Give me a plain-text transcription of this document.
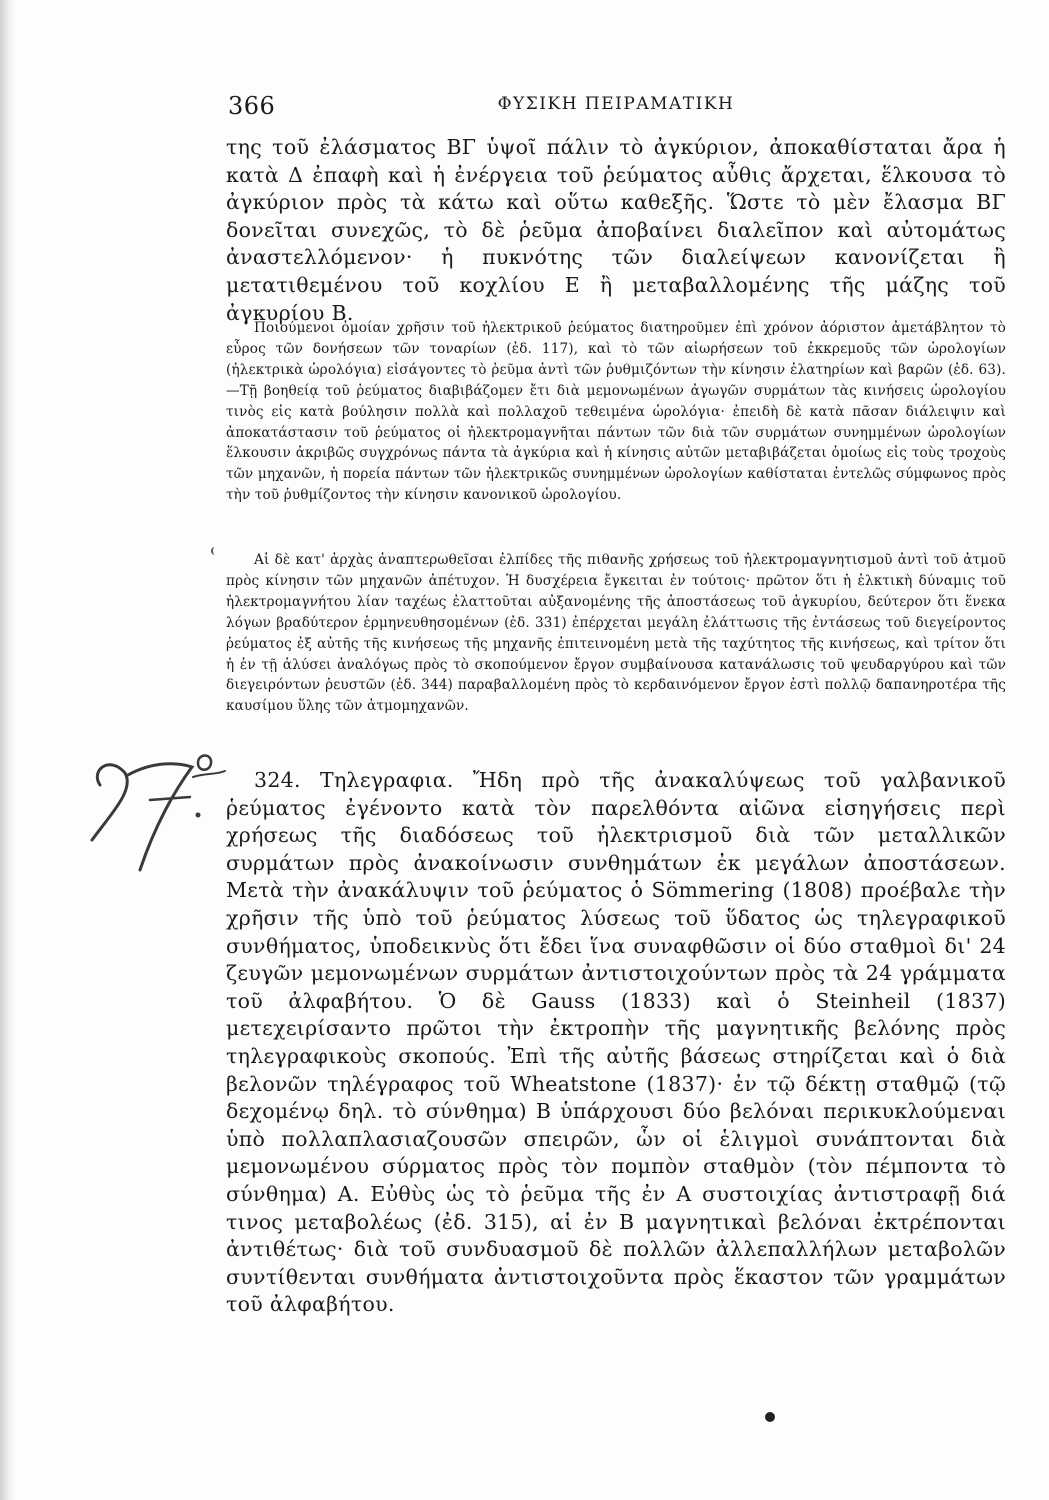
366	ΦΥΣΙΚΗ ΠΕΙΡΑΜΑΤΙΚΗ
της τοῦ ἐλάσματος ΒΓ ὑψοῖ πάλιν τὸ ἀγκύριον, ἀποκαθίσταται ἄρα ἡ κατὰ Δ ἐπαφὴ καὶ ἡ ἐνέργεια τοῦ ῥεύματος αὖθις ἄρχεται, ἕλκουσα τὸ ἀγκύριον πρὸς τὰ κάτω καὶ οὕτω καθεξῆς. Ὥστε τὸ μὲν ἔλασμα ΒΓ δονεῖται συνεχῶς, τὸ δὲ ῥεῦμα ἀποβαίνει διαλεῖπον καὶ αὐτομάτως ἀναστελλόμενον· ἡ πυκνότης τῶν διαλείψεων κανονίζεται ἢ μετατιθεμένου τοῦ κοχλίου Ε ἢ μεταβαλλομένης τῆς μάζης τοῦ ἀγκυρίου Β.
Ποιούμενοι ὁμοίαν χρῆσιν τοῦ ἠλεκτρικοῦ ῥεύματος διατηροῦμεν ἐπὶ χρόνον ἀόριστον ἀμετάβλητον τὸ εὖρος τῶν δονήσεων τῶν τοναρίων (ἐδ. 117), καὶ τὸ τῶν αἰωρήσεων τοῦ ἐκκρεμοῦς τῶν ὡρολογίων (ἠλεκτρικὰ ὡρολόγια) εἰσάγοντες τὸ ῥεῦμα ἀντὶ τῶν ῥυθμιζόντων τὴν κίνησιν ἐλατηρίων καὶ βαρῶν (ἐδ. 63).—Τῇ βοηθείᾳ τοῦ ῥεύματος διαβιβάζομεν ἔτι διὰ μεμονωμένων ἀγωγῶν συρμάτων τὰς κινήσεις ὡρολογίου τινὸς εἰς κατὰ βούλησιν πολλὰ καὶ πολλαχοῦ τεθειμένα ὡρολόγια· ἐπειδὴ δὲ κατὰ πᾶσαν διάλειψιν καὶ ἀποκατάστασιν τοῦ ῥεύματος οἱ ἠλεκτρομαγνῆται πάντων τῶν διὰ τῶν συρμάτων συνημμένων ὡρολογίων ἕλκουσιν ἀκριβῶς συγχρόνως πάντα τὰ ἀγκύρια καὶ ἡ κίνησις αὐτῶν μεταβιβάζεται ὁμοίως εἰς τοὺς τροχοὺς τῶν μηχανῶν, ἡ πορεία πάντων τῶν ἠλεκτρικῶς συνημμένων ὡρολογίων καθίσταται ἐντελῶς σύμφωνος πρὸς τὴν τοῦ ῥυθμίζοντος τὴν κίνησιν κανονικοῦ ὡρολογίου.
Αἱ δὲ κατ' ἀρχὰς ἀναπτερωθεῖσαι ἐλπίδες τῆς πιθανῆς χρήσεως τοῦ ἠλεκτρομαγνητισμοῦ ἀντὶ τοῦ ἀτμοῦ πρὸς κίνησιν τῶν μηχανῶν ἀπέτυχον. Ἡ δυσχέρεια ἔγκειται ἐν τούτοις· πρῶτον ὅτι ἡ ἑλκτικὴ δύναμις τοῦ ἠλεκτρομαγνήτου λίαν ταχέως ἐλαττοῦται αὐξανομένης τῆς ἀποστάσεως τοῦ ἀγκυρίου, δεύτερον ὅτι ἕνεκα λόγων βραδύτερον ἑρμηνευθησομένων (ἐδ. 331) ἐπέρχεται μεγάλη ἐλάττωσις τῆς ἐντάσεως τοῦ διεγείροντος ῥεύματος ἐξ αὐτῆς τῆς κινήσεως τῆς μηχανῆς ἐπιτεινομένη μετὰ τῆς ταχύτητος τῆς κινήσεως, καὶ τρίτον ὅτι ἡ ἐν τῇ ἁλύσει ἀναλόγως πρὸς τὸ σκοπούμενον ἔργον συμβαίνουσα κατανάλωσις τοῦ ψευδαργύρου καὶ τῶν διεγειρόντων ῥευστῶν (ἐδ. 344) παραβαλλομένη πρὸς τὸ κερδαινόμενον ἔργον ἐστὶ πολλῷ δαπανηροτέρα τῆς καυσίμου ὕλης τῶν ἀτμομηχανῶν.
324. Τηλεγραφια. Ἤδη πρὸ τῆς ἀνακαλύψεως τοῦ γαλβανικοῦ ῥεύματος ἐγένοντο κατὰ τὸν παρελθόντα αἰῶνα εἰσηγήσεις περὶ χρήσεως τῆς διαδόσεως τοῦ ἠλεκτρισμοῦ διὰ τῶν μεταλλικῶν συρμάτων πρὸς ἀνακοίνωσιν συνθημάτων ἐκ μεγάλων ἀποστάσεων. Μετὰ τὴν ἀνακάλυψιν τοῦ ῥεύματος ὁ Sömmering (1808) προέβαλε τὴν χρῆσιν τῆς ὑπὸ τοῦ ῥεύματος λύσεως τοῦ ὕδατος ὡς τηλεγραφικοῦ συνθήματος, ὑποδεικνὺς ὅτι ἔδει ἵνα συναφθῶσιν οἱ δύο σταθμοὶ δι' 24 ζευγῶν μεμονωμένων συρμάτων ἀντιστοιχούντων πρὸς τὰ 24 γράμματα τοῦ ἀλφαβήτου. Ὁ δὲ Gauss (1833) καὶ ὁ Steinheil (1837) μετεχειρίσαντο πρῶτοι τὴν ἐκτροπὴν τῆς μαγνητικῆς βελόνης πρὸς τηλεγραφικοὺς σκοπούς. Ἐπὶ τῆς αὐτῆς βάσεως στηρίζεται καὶ ὁ διὰ βελονῶν τηλέγραφος τοῦ Wheatstone (1837)· ἐν τῷ δέκτῃ σταθμῷ (τῷ δεχομένῳ δηλ. τὸ σύνθημα) Β ὑπάρχουσι δύο βελόναι περικυκλούμεναι ὑπὸ πολλαπλασιαζουσῶν σπειρῶν, ὧν οἱ ἑλιγμοὶ συνάπτονται διὰ μεμονωμένου σύρματος πρὸς τὸν πομπὸν σταθμὸν (τὸν πέμποντα τὸ σύνθημα) Α. Εὐθὺς ὡς τὸ ῥεῦμα τῆς ἐν Α συστοιχίας ἀντιστραφῇ διά τινος μεταβολέως (ἐδ. 315), αἱ ἐν Β μαγνητικαὶ βελόναι ἐκτρέπονται ἀντιθέτως· διὰ τοῦ συνδυασμοῦ δὲ πολλῶν ἀλλεπαλλήλων μεταβολῶν συντίθενται συνθήματα ἀντιστοιχοῦντα πρὸς ἕκαστον τῶν γραμμάτων τοῦ ἀλφαβήτου.
